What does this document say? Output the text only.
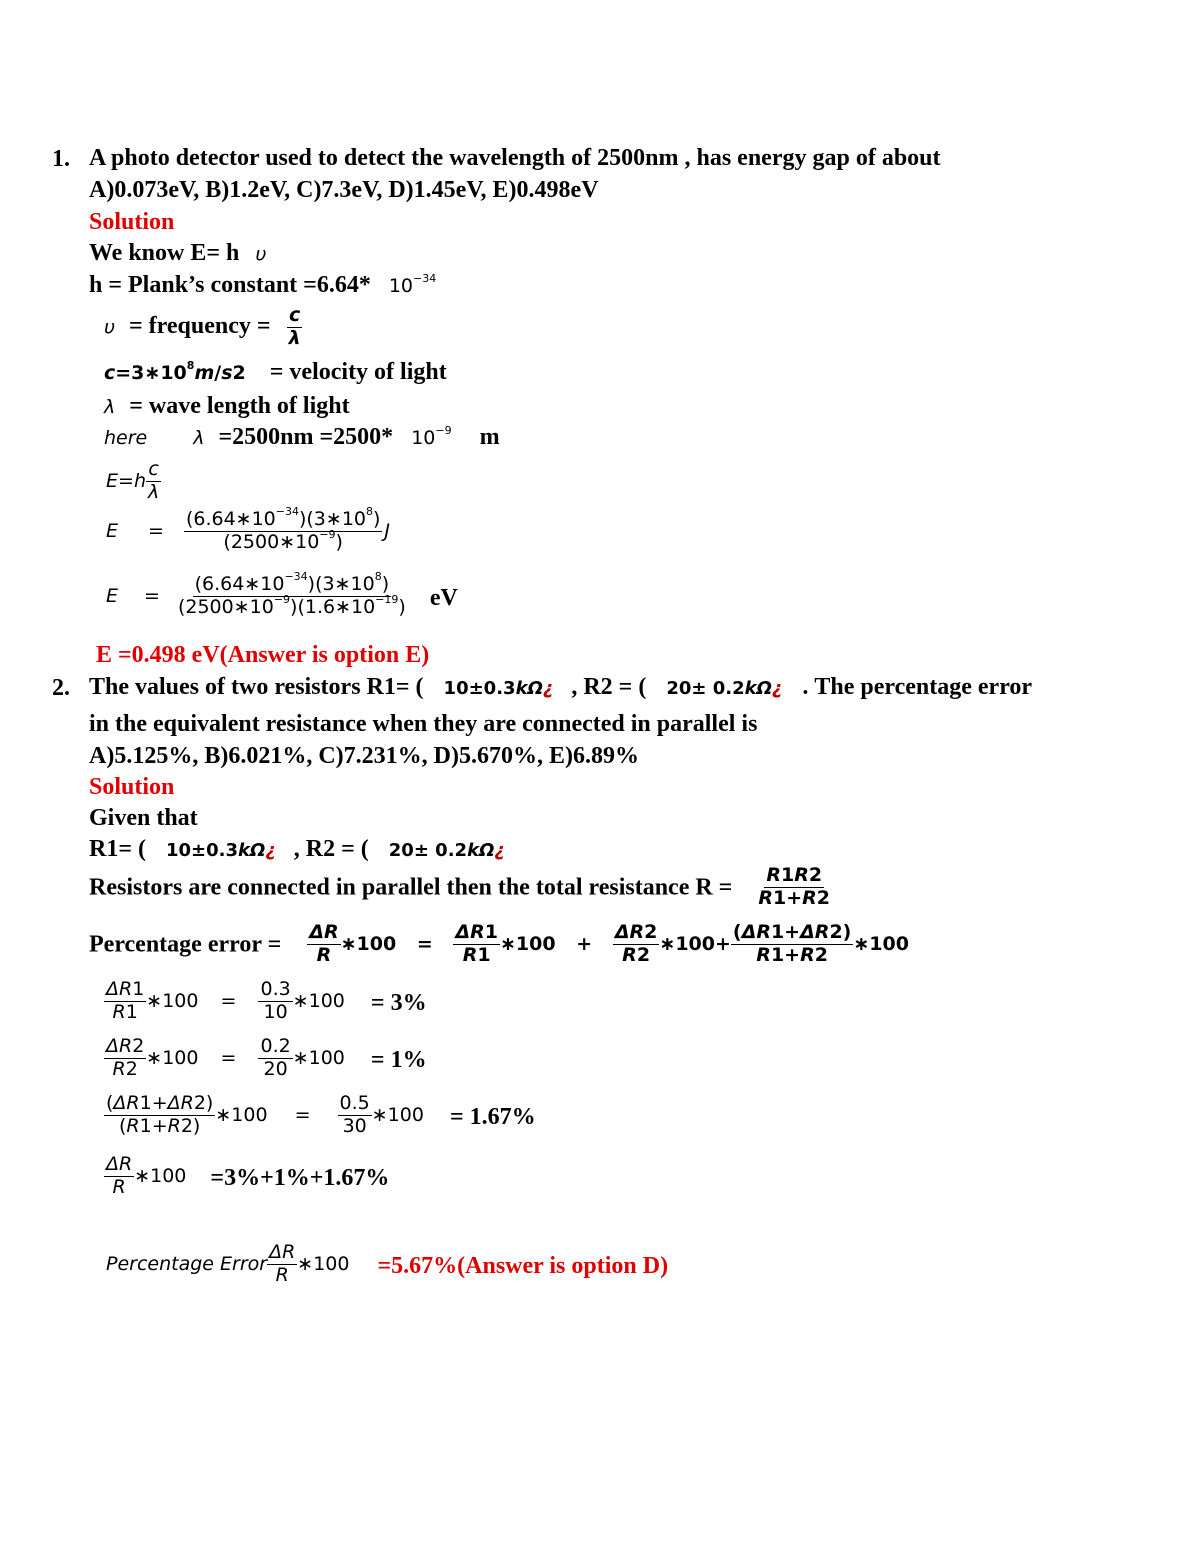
1. A photo detector used to detect the wavelength of 2500nm , has energy gap of about
A)0.073eV, B)1.2eV, C)7.3eV, D)1.45eV, E)0.498eV
Solution
We know E= h υ
h = Plank’s constant =6.64* $10^{-34}$
υ = frequency = $\frac{c}{\lambda}$
$c=3∗10^8m/s2$ = velocity of light
λ = wave length of light
here λ =2500nm =2500* $10^{-9}$ m
$E=h \frac{c}{\lambda}$
$E = \frac{(6.64∗10^{-34})(3∗10^8)}{(2500∗10^{-9})}$ J
$E = \frac{(6.64∗10^{-34})(3∗10^8)}{(2500∗10^{-9})(1.6∗10^{-19})}$ eV
E =0.498 eV(Answer is option E)
2. The values of two resistors R1= ( 10±0.3kΩ¿ , R2 = ( 20± 0.2kΩ¿ . The percentage error
in the equivalent resistance when they are connected in parallel is
A)5.125%, B)6.021%, C)7.231%, D)5.670%, E)6.89%
Solution
Given that
R1= ( 10±0.3kΩ¿ , R2 = ( 20± 0.2kΩ¿
Resistors are connected in parallel then the total resistance $R = \frac{R1R2}{R1+R2}$
Percentage error = $\frac{\Delta R}{R}$ ∗100 = $\frac{\Delta R1}{R1}$ ∗100 + $\frac{\Delta R2}{R2}$ ∗100+ $\frac{(\Delta R1+\Delta R2)}{R1+R2}$ ∗100
$\frac{\Delta R1}{R1}$ ∗100 = $\frac{0.3}{10}$ ∗100 = 3%
$\frac{\Delta R2}{R2}$ ∗100 = $\frac{0.2}{20}$ ∗100 = 1%
$\frac{(\Delta R1+\Delta R2)}{(R1+R2)}$ ∗100 = $\frac{0.5}{30}$ ∗100 = 1.67%
$\frac{\Delta R}{R}$ ∗100 =3%+1%+1.67%
Percentage Error $\frac{\Delta R}{R}$ ∗100 =5.67%(Answer is option D)
